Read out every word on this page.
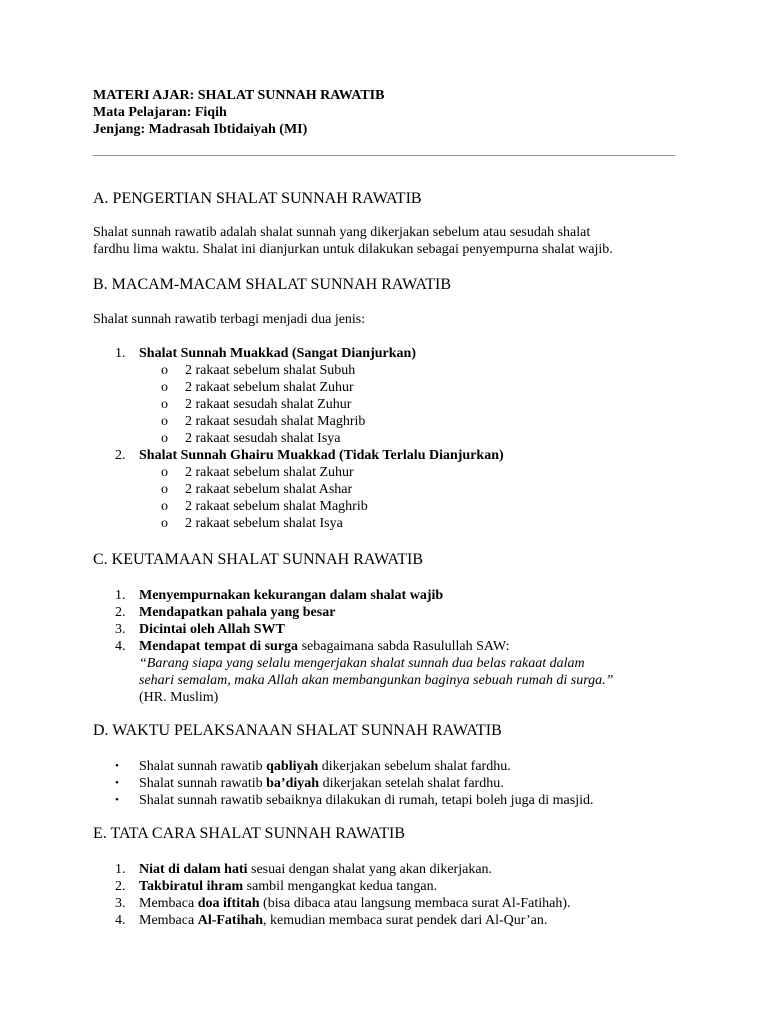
MATERI AJAR: SHALAT SUNNAH RAWATIB
Mata Pelajaran: Fiqih
Jenjang: Madrasah Ibtidaiyah (MI)
A. PENGERTIAN SHALAT SUNNAH RAWATIB

Shalat sunnah rawatib adalah shalat sunnah yang dikerjakan sebelum atau sesudah shalat
fardhu lima waktu. Shalat ini dianjurkan untuk dilakukan sebagai penyempurna shalat wajib.

B. MACAM-MACAM SHALAT SUNNAH RAWATIB

Shalat sunnah rawatib terbagi menjadi dua jenis:

1. Shalat Sunnah Muakkad (Sangat Dianjurkan)
o 2 rakaat sebelum shalat Subuh
o 2 rakaat sebelum shalat Zuhur
o 2 rakaat sesudah shalat Zuhur
o 2 rakaat sesudah shalat Maghrib
o 2 rakaat sesudah shalat Isya
2. Shalat Sunnah Ghairu Muakkad (Tidak Terlalu Dianjurkan)
o 2 rakaat sebelum shalat Zuhur
o 2 rakaat sebelum shalat Ashar
o 2 rakaat sebelum shalat Maghrib
o 2 rakaat sebelum shalat Isya
C. KEUTAMAAN SHALAT SUNNAH RAWATIB
1. Menyempurnakan kekurangan dalam shalat wajib
2. Mendapatkan pahala yang besar
3. Dicintai oleh Allah SWT
4. Mendapat tempat di surga sebagaimana sabda Rasulullah SAW:
“Barang siapa yang selalu mengerjakan shalat sunnah dua belas rakaat dalam
sehari semalam, maka Allah akan membangunkan baginya sebuah rumah di surga.”
(HR. Muslim)
D. WAKTU PELAKSANAAN SHALAT SUNNAH RAWATIB
• Shalat sunnah rawatib qabliyah dikerjakan sebelum shalat fardhu.
• Shalat sunnah rawatib ba’diyah dikerjakan setelah shalat fardhu.
• Shalat sunnah rawatib sebaiknya dilakukan di rumah, tetapi boleh juga di masjid.
E. TATA CARA SHALAT SUNNAH RAWATIB
1. Niat di dalam hati sesuai dengan shalat yang akan dikerjakan.
2. Takbiratul ihram sambil mengangkat kedua tangan.
3. Membaca doa iftitah (bisa dibaca atau langsung membaca surat Al-Fatihah).
4. Membaca Al-Fatihah, kemudian membaca surat pendek dari Al-Qur’an.
